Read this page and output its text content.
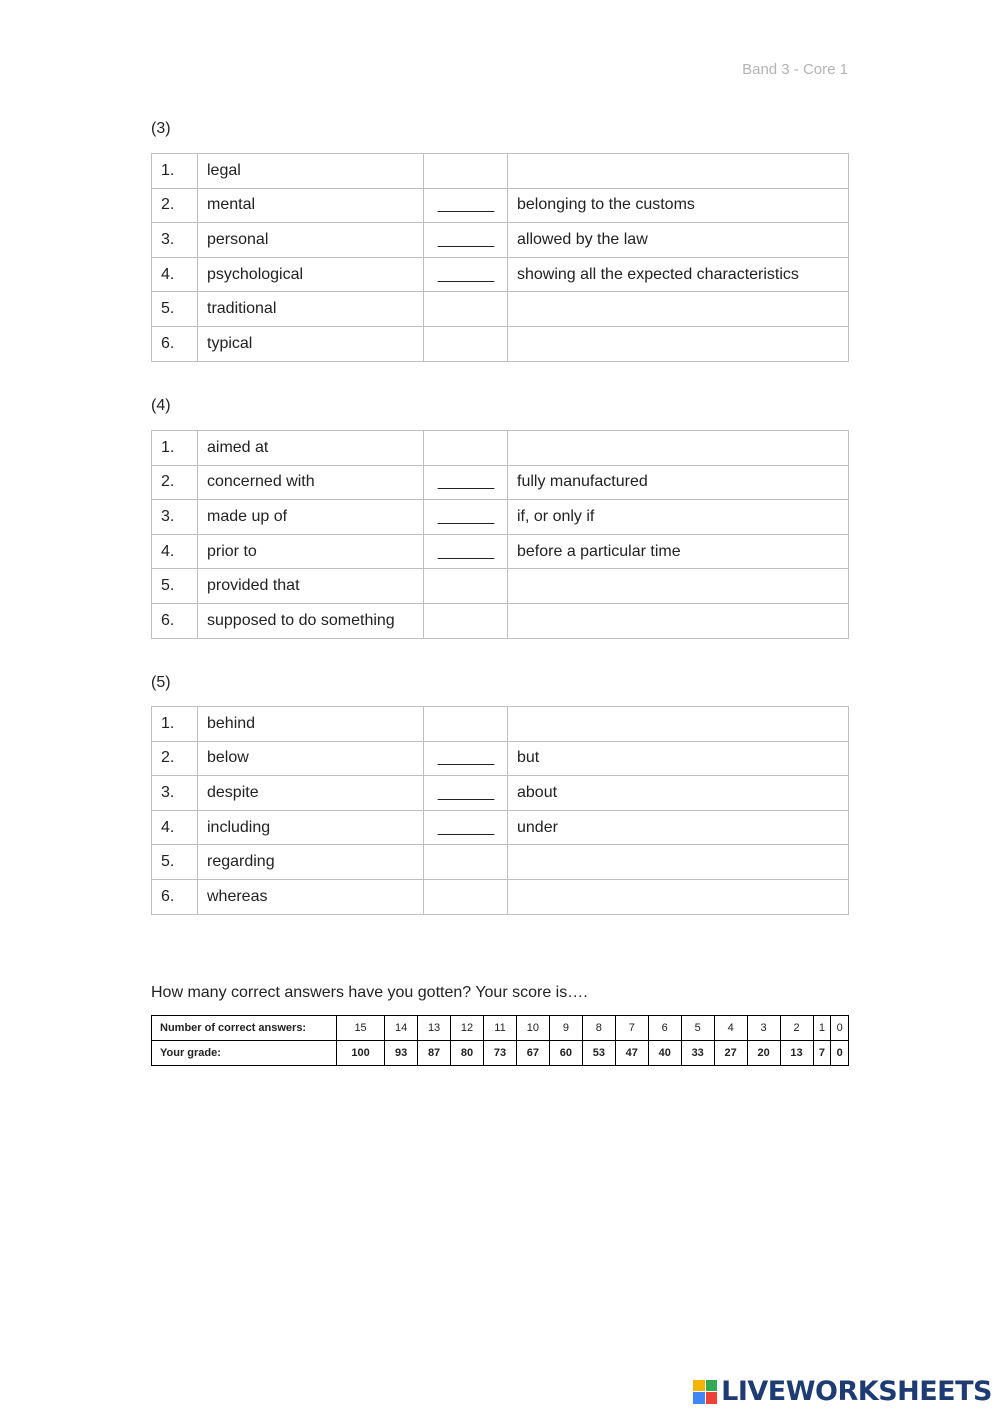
Band 3 - Core 1
(3)
1.	legal		
2.	mental	_______	belonging to the customs
3.	personal	_______	allowed by the law
4.	psychological	_______	showing all the expected characteristics
5.	traditional		
6.	typical		
(4)
1.	aimed at		
2.	concerned with	_______	fully manufactured
3.	made up of	_______	if, or only if
4.	prior to	_______	before a particular time
5.	provided that		
6.	supposed to do something		
(5)
1.	behind		
2.	below	_______	but
3.	despite	_______	about
4.	including	_______	under
5.	regarding		
6.	whereas		
How many correct answers have you gotten? Your score is….
Number of correct answers:	15	14	13	12	11	10	9	8	7	6	5	4	3	2	1	0
Your grade:	100	93	87	80	73	67	60	53	47	40	33	27	20	13	7	0
LIVEWORKSHEETS
